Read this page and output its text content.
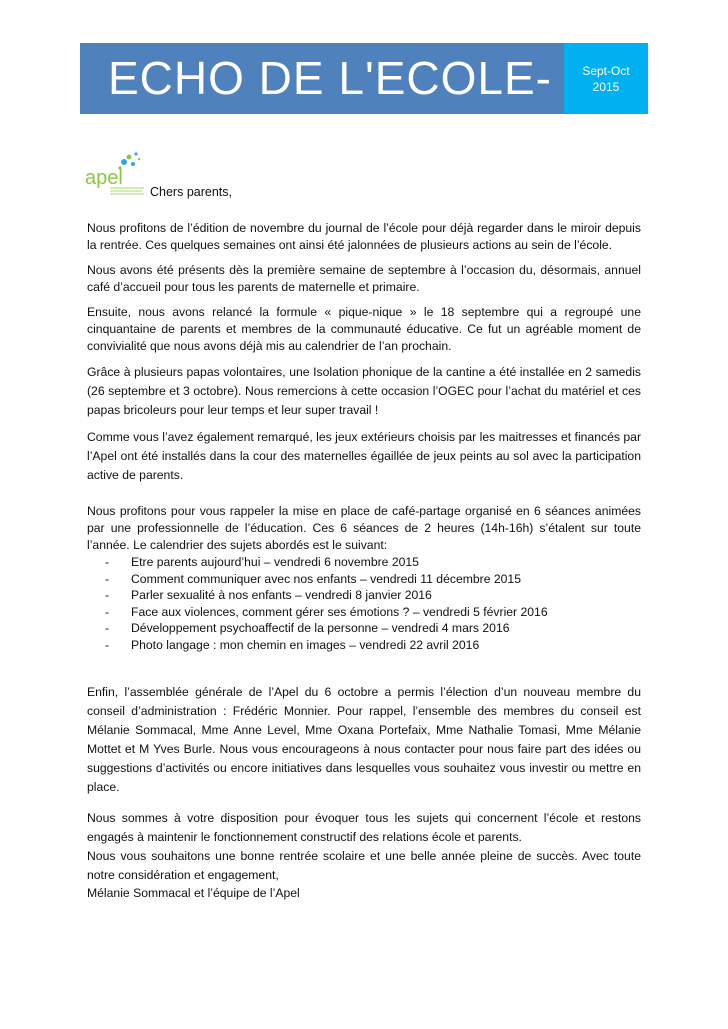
ECHO DE L'ECOLE-	Sept-Oct
2015
apel
Chers parents,

Nous profitons de l’édition de novembre du journal de l’école pour déjà regarder dans le miroir depuis la rentrée. Ces quelques semaines ont ainsi été jalonnées de plusieurs actions au sein de l’école.

Nous avons été présents dès la première semaine de septembre à l’occasion du, désormais, annuel café d’accueil pour tous les parents de maternelle et primaire.

Ensuite, nous avons relancé la formule « pique-nique » le 18 septembre qui a regroupé une cinquantaine de parents et membres de la communauté éducative. Ce fut un agréable moment de convivialité que nous avons déjà mis au calendrier de l’an prochain.

Grâce à plusieurs papas volontaires, une Isolation phonique de la cantine a été installée en 2 samedis (26 septembre et 3 octobre). Nous remercions à cette occasion l’OGEC pour l’achat du matériel et ces papas bricoleurs pour leur temps et leur super travail !

Comme vous l’avez également remarqué, les jeux extérieurs choisis par les maitresses et financés par l’Apel ont été installés dans la cour des maternelles égaillée de jeux peints au sol avec la participation active de parents.

Nous profitons pour vous rappeler la mise en place de café-partage organisé en 6 séances animées par une professionnelle de l’éducation. Ces 6 séances de 2 heures (14h-16h) s’étalent sur toute l’année. Le calendrier des sujets abordés est le suivant:

- Etre parents aujourd’hui – vendredi 6 novembre 2015
- Comment communiquer avec nos enfants – vendredi 11 décembre 2015
- Parler sexualité à nos enfants – vendredi 8 janvier 2016
- Face aux violences, comment gérer ses émotions ? – vendredi 5 février 2016
- Développement psychoaffectif de la personne – vendredi 4 mars 2016
- Photo langage : mon chemin en images – vendredi 22 avril 2016

Enfin, l’assemblée générale de l’Apel du 6 octobre a permis l’élection d’un nouveau membre du conseil d’administration : Frédéric Monnier. Pour rappel, l’ensemble des membres du conseil est Mélanie Sommacal, Mme Anne Level, Mme Oxana Portefaix, Mme Nathalie Tomasi, Mme Mélanie Mottet et M Yves Burle. Nous vous encourageons à nous contacter pour nous faire part des idées ou suggestions d’activités ou encore initiatives dans lesquelles vous souhaitez vous investir ou mettre en place.

Nous sommes à votre disposition pour évoquer tous les sujets qui concernent l’école et restons engagés à maintenir le fonctionnement constructif des relations école et parents.

Nous vous souhaitons une bonne rentrée scolaire et une belle année pleine de succès. Avec toute notre considération et engagement,

Mélanie Sommacal et l’équipe de l’Apel
